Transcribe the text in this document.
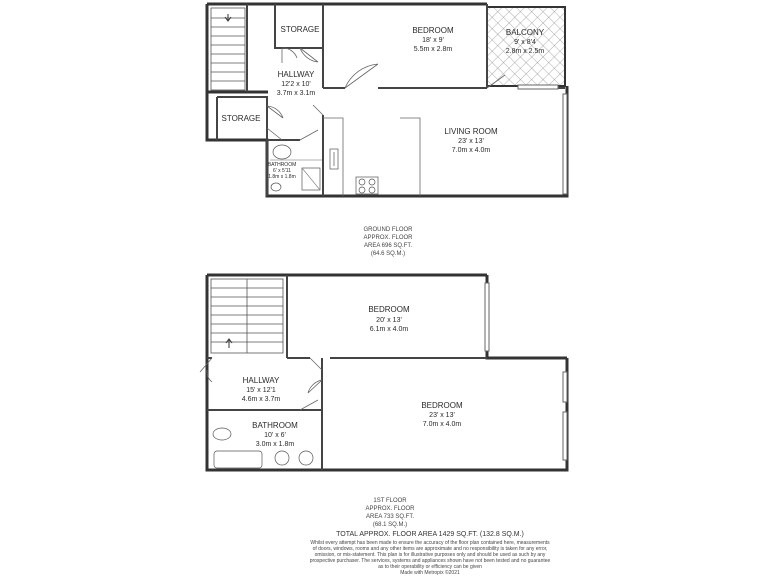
STORAGE	BEDROOM
18' x 9'
5.5m x 2.8m
BALCONY
9' x 8'4
2.8m x 2.5m
HALLWAY
12'2 x 10'
3.7m x 3.1m
STORAGE
LIVING ROOM
23' x 13'
7.0m x 4.0m
BATHROOM
6' x 5'11
1.8m x 1.8m
GROUND FLOOR
APPROX. FLOOR
AREA 696 SQ.FT.
(64.6 SQ.M.)
BEDROOM
20' x 13'
6.1m x 4.0m
HALLWAY
15' x 12'1
4.6m x 3.7m
BEDROOM
23' x 13'
7.0m x 4.0m
BATHROOM
10' x 6'
3.0m x 1.8m
1ST FLOOR
APPROX. FLOOR
AREA 733 SQ.FT.
(68.1 SQ.M.)
TOTAL APPROX. FLOOR AREA 1429 SQ.FT. (132.8 SQ.M.)
Whilst every attempt has been made to ensure the accuracy of the floor plan contained here, measurements
of doors, windows, rooms and any other items are approximate and no responsibility is taken for any error,
omission, or mis-statement. This plan is for illustrative purposes only and should be used as such by any
prospective purchaser. The services, systems and appliances shown have not been tested and no guarantee
as to their operability or efficiency can be given
Made with Metropix ©2021
